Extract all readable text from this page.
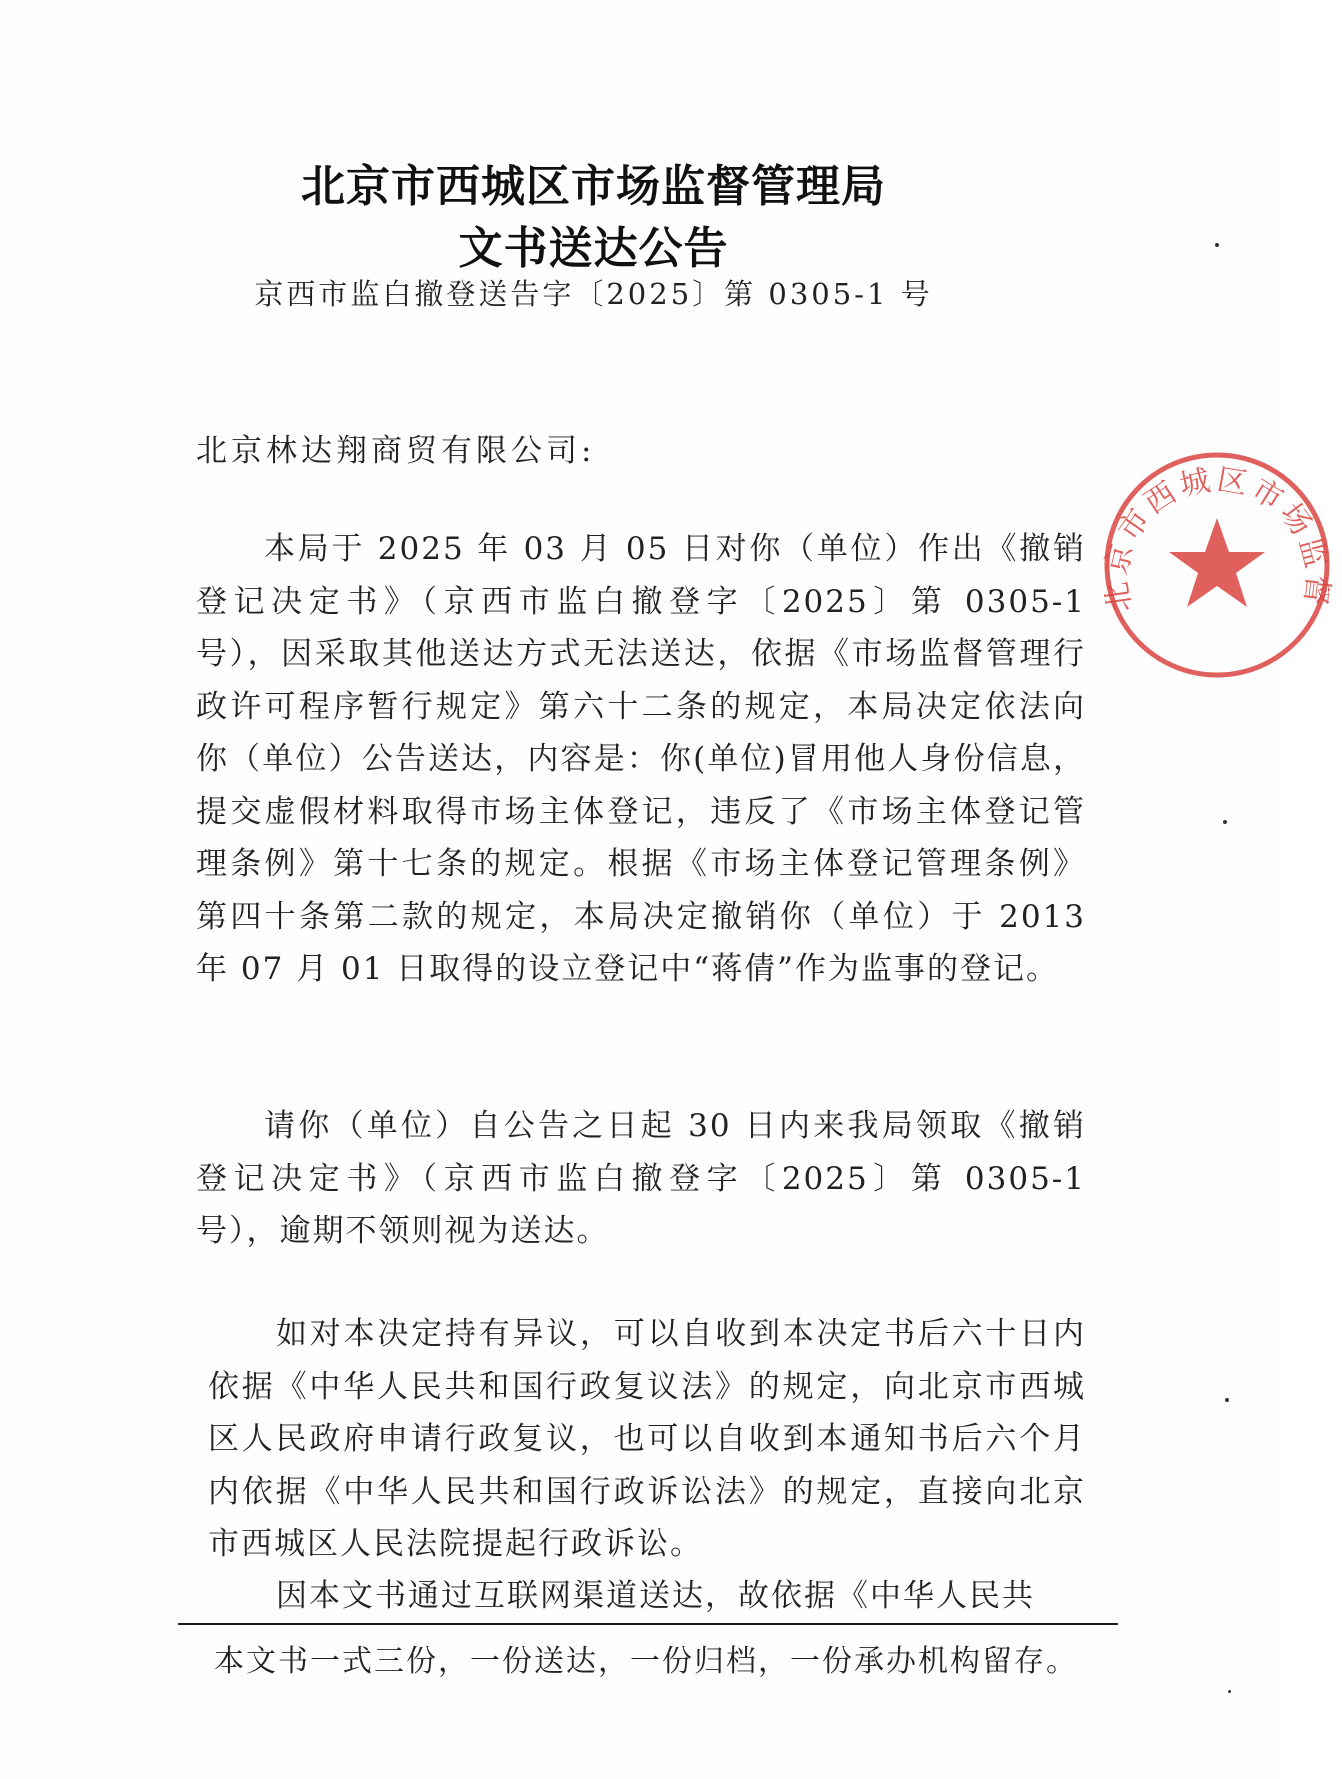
北京市西城区市场监督管理局
文书送达公告
京西市监白撤登送告字〔2025〕第 0305-1 号
北京林达翔商贸有限公司:

本局于 2025 年 03 月 05 日对你（单位）作出《撤销登记决定书》（京西市监白撤登字〔2025〕第 0305-1 号），因采取其他送达方式无法送达，依据《市场监督管理行政许可程序暂行规定》第六十二条的规定，本局决定依法向你（单位）公告送达，内容是：你(单位)冒用他人身份信息，提交虚假材料取得市场主体登记，违反了《市场主体登记管理条例》第十七条的规定。根据《市场主体登记管理条例》第四十条第二款的规定，本局决定撤销你（单位）于 2013 年 07 月 01 日取得的设立登记中“蒋倩”作为监事的登记。

请你（单位）自公告之日起 30 日内来我局领取《撤销登记决定书》（京西市监白撤登字〔2025〕第 0305-1 号），逾期不领则视为送达。

如对本决定持有异议，可以自收到本决定书后六十日内依据《中华人民共和国行政复议法》的规定，向北京市西城区人民政府申请行政复议，也可以自收到本通知书后六个月内依据《中华人民共和国行政诉讼法》的规定，直接向北京市西城区人民法院提起行政诉讼。

因本文书通过互联网渠道送达，故依据《中华人民共

本文书一式三份，一份送达，一份归档，一份承办机构留存。
北京市西城区市场监督
